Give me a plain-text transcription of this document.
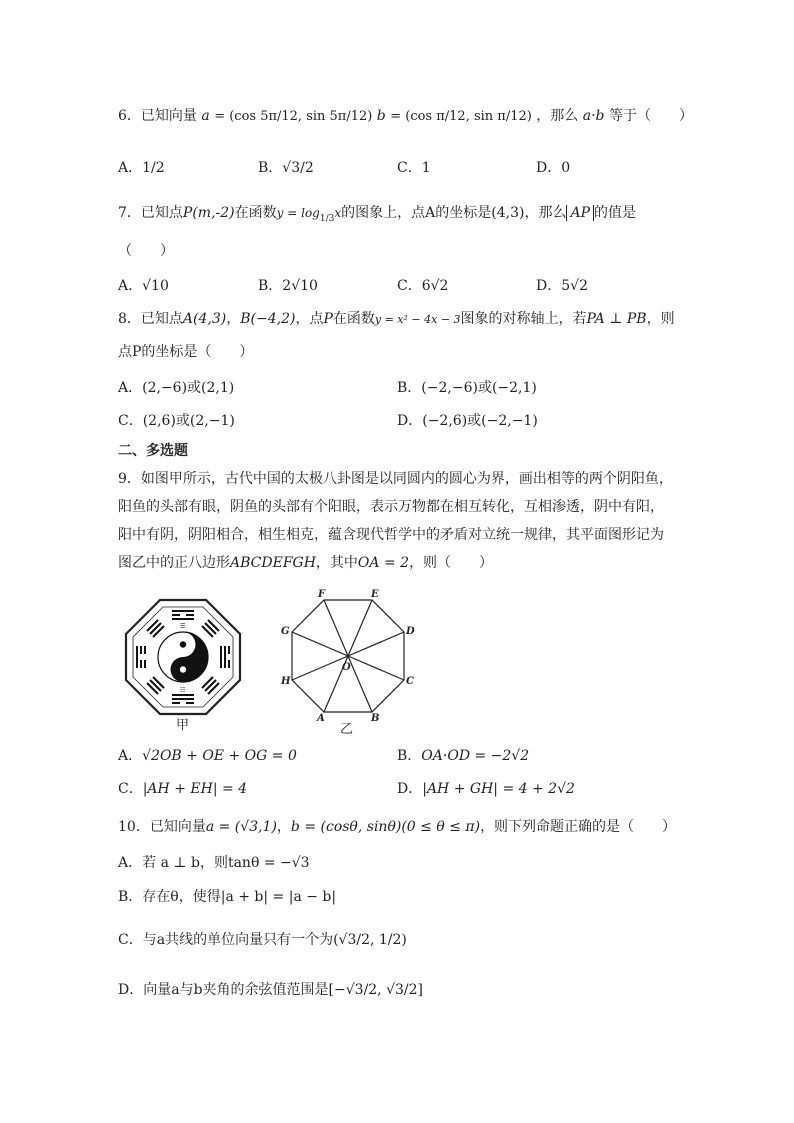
6．已知向量 a = (cos 5π/12, sin 5π/12) b = (cos π/12, sin π/12) ，那么 a·b 等于（　　）
A．1/2	B．√3/2	C．1	D．0
7．已知点P(m,-2)在函数$y = \log_{1/3}x$的图象上，点A的坐标是(4,3)，那么 AP 的值是
（　　）
A．√10	B．2√10	C．6√2	D．5√2
8．已知点A(4,3)，B(−4,2)，点P在函数y = x² − 4x − 3图象的对称轴上，若PA ⊥ PB，则
点P的坐标是（　　）
A．(2,−6)或(2,1)	B．(−2,−6)或(−2,1)
C．(2,6)或(2,−1)	D．(−2,6)或(−2,−1)
二、多选题
9．如图甲所示，古代中国的太极八卦图是以同圆内的圆心为界，画出相等的两个阴阳鱼，
阳鱼的头部有眼，阴鱼的头部有个阳眼，表示万物都在相互转化，互相渗透，阴中有阳，
阳中有阴，阴阳相合，相生相克，蕴含现代哲学中的矛盾对立统一规律，其平面图形记为
图乙中的正八边形ABCDEFGH，其中OA = 2，则（　　）
☰
☷
甲	A	B
C
D
E
F
G
H
O
乙
A．√2OB + OE + OG = 0	B．OA·OD = −2√2
C．|AH + EH| = 4	D．|AH + GH| = 4 + 2√2
10．已知向量a = (√3,1)，b = (cosθ, sinθ)(0 ≤ θ ≤ π)，则下列命题正确的是（　　）
A．若 a ⊥ b，则tanθ = −√3
B．存在θ，使得|a + b| = |a − b|
C．与a共线的单位向量只有一个为(√3/2, 1/2)
D．向量a与b夹角的余弦值范围是[−√3/2, √3/2]
